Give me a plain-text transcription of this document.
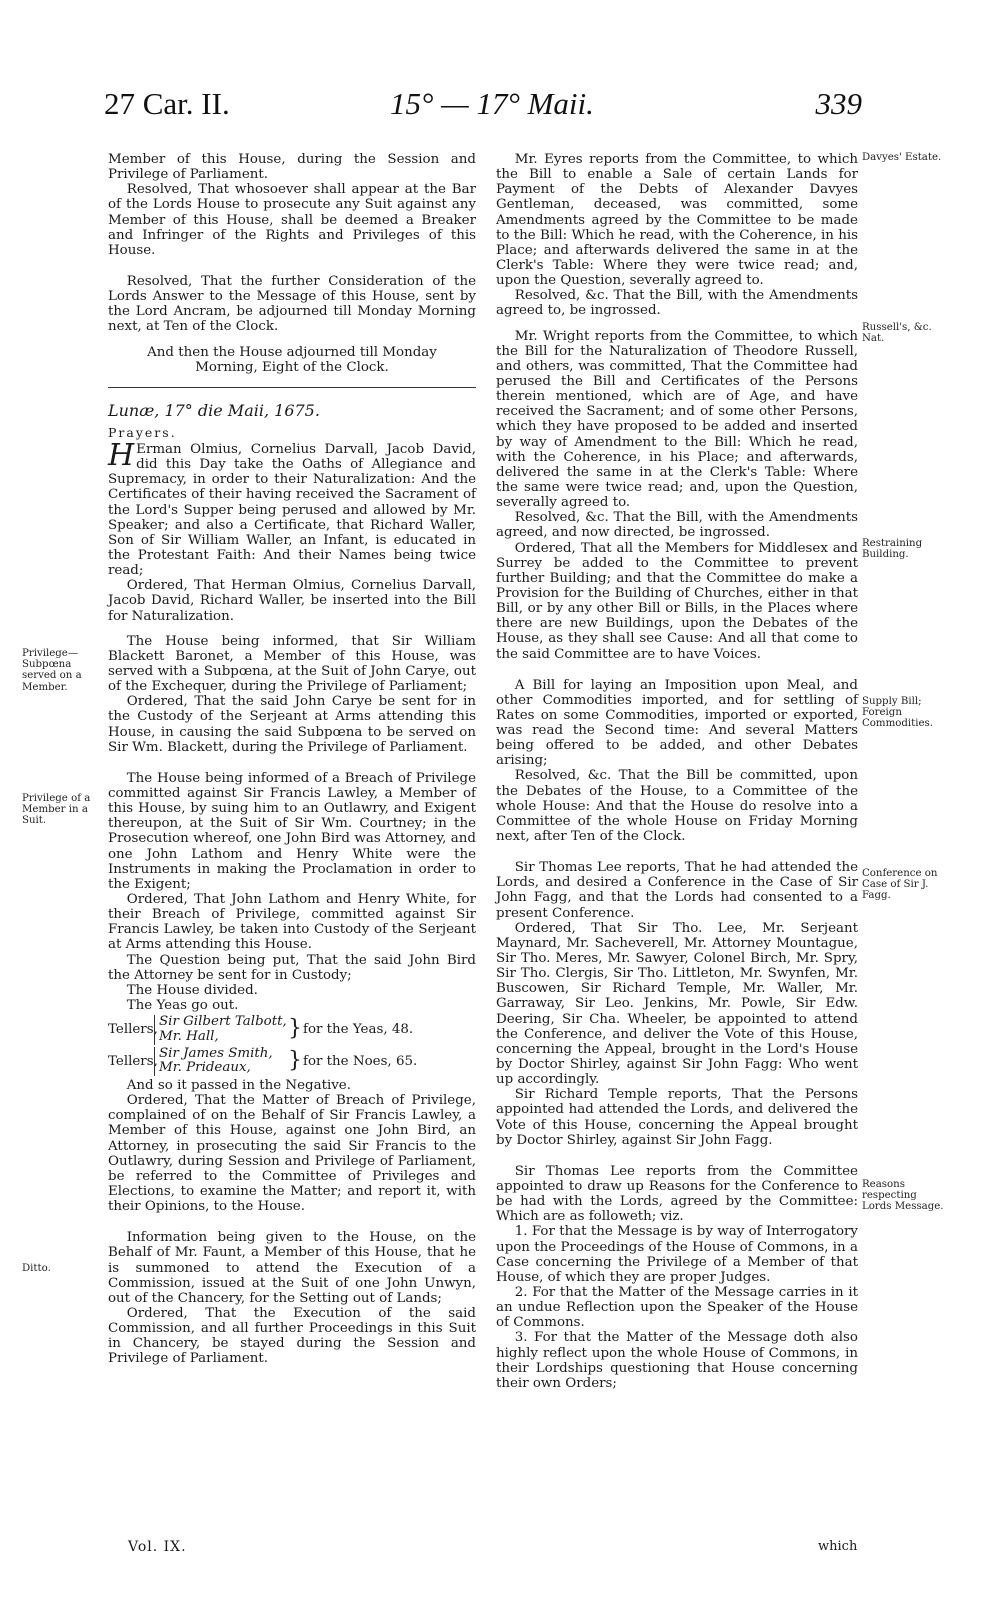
27 Car. II.	15° — 17° Maii.	339

Member of this House, during the Session and Privilege of Parliament.

Resolved, That whosoever shall appear at the Bar of the Lords House to prosecute any Suit against any Member of this House, shall be deemed a Breaker and Infringer of the Rights and Privileges of this House.

Resolved, That the further Consideration of the Lords Answer to the Message of this House, sent by the Lord Ancram, be adjourned till Monday Morning next, at Ten of the Clock.

And then the House adjourned till Monday Morning, Eight of the Clock.

Lunæ, 17° die Maii, 1675.

Prayers.

H Erman Olmius, Cornelius Darvall, Jacob David, did this Day take the Oaths of Allegiance and Supremacy, in order to their Naturalization: And the Certificates of their having received the Sacrament of the Lord's Supper being perused and allowed by Mr. Speaker; and also a Certificate, that Richard Waller, Son of Sir William Waller, an Infant, is educated in the Protestant Faith: And their Names being twice read;

Ordered, That Herman Olmius, Cornelius Darvall, Jacob David, Richard Waller, be inserted into the Bill for Naturalization.

The House being informed, that Sir William Blackett Baronet, a Member of this House, was served with a Subpœna, at the Suit of John Carye, out of the Exchequer, during the Privilege of Parliament;

Ordered, That the said John Carye be sent for in the Custody of the Serjeant at Arms attending this House, in causing the said Subpœna to be served on Sir Wm. Blackett, during the Privilege of Parliament.

The House being informed of a Breach of Privilege committed against Sir Francis Lawley, a Member of this House, by suing him to an Outlawry, and Exigent thereupon, at the Suit of Sir Wm. Courtney; in the Prosecution whereof, one John Bird was Attorney, and one John Lathom and Henry White were the Instruments in making the Proclamation in order to the Exigent;

Ordered, That John Lathom and Henry White, for their Breach of Privilege, committed against Sir Francis Lawley, be taken into Custody of the Serjeant at Arms attending this House.

The Question being put, That the said John Bird the Attorney be sent for in Custody;

The House divided.

The Yeas go out.

Tellers,
Sir Gilbert Talbott,
Mr. Hall,	} for the Yeas, 48.
Tellers,
Sir James Smith,
Mr. Prideaux,	} for the Noes, 65.

And so it passed in the Negative.

Ordered, That the Matter of Breach of Privilege, complained of on the Behalf of Sir Francis Lawley, a Member of this House, against one John Bird, an Attorney, in prosecuting the said Sir Francis to the Outlawry, during Session and Privilege of Parliament, be referred to the Committee of Privileges and Elections, to examine the Matter; and report it, with their Opinions, to the House.

Information being given to the House, on the Behalf of Mr. Faunt, a Member of this House, that he is summoned to attend the Execution of a Commission, issued at the Suit of one John Unwyn, out of the Chancery, for the Setting out of Lands;

Ordered, That the Execution of the said Commission, and all further Proceedings in this Suit in Chancery, be stayed during the Session and Privilege of Parliament.

Mr. Eyres reports from the Committee, to which the Bill to enable a Sale of certain Lands for Payment of the Debts of Alexander Davyes Gentleman, deceased, was committed, some Amendments agreed by the Committee to be made to the Bill: Which he read, with the Coherence, in his Place; and afterwards delivered the same in at the Clerk's Table: Where they were twice read; and, upon the Question, severally agreed to.

Resolved, &c. That the Bill, with the Amendments agreed to, be ingrossed.

Mr. Wright reports from the Committee, to which the Bill for the Naturalization of Theodore Russell, and others, was committed, That the Committee had perused the Bill and Certificates of the Persons therein mentioned, which are of Age, and have received the Sacrament; and of some other Persons, which they have proposed to be added and inserted by way of Amendment to the Bill: Which he read, with the Coherence, in his Place; and afterwards, delivered the same in at the Clerk's Table: Where the same were twice read; and, upon the Question, severally agreed to.

Resolved, &c. That the Bill, with the Amendments agreed, and now directed, be ingrossed.

Ordered, That all the Members for Middlesex and Surrey be added to the Committee to prevent further Building; and that the Committee do make a Provision for the Building of Churches, either in that Bill, or by any other Bill or Bills, in the Places where there are new Buildings, upon the Debates of the House, as they shall see Cause: And all that come to the said Committee are to have Voices.

A Bill for laying an Imposition upon Meal, and other Commodities imported, and for settling of Rates on some Commodities, imported or exported, was read the Second time: And several Matters being offered to be added, and other Debates arising;

Resolved, &c. That the Bill be committed, upon the Debates of the House, to a Committee of the whole House: And that the House do resolve into a Committee of the whole House on Friday Morning next, after Ten of the Clock.

Sir Thomas Lee reports, That he had attended the Lords, and desired a Conference in the Case of Sir John Fagg, and that the Lords had consented to a present Conference.

Ordered, That Sir Tho. Lee, Mr. Serjeant Maynard, Mr. Sacheverell, Mr. Attorney Mountague, Sir Tho. Meres, Mr. Sawyer, Colonel Birch, Mr. Spry, Sir Tho. Clergis, Sir Tho. Littleton, Mr. Swynfen, Mr. Buscowen, Sir Richard Temple, Mr. Waller, Mr. Garraway, Sir Leo. Jenkins, Mr. Powle, Sir Edw. Deering, Sir Cha. Wheeler, be appointed to attend the Conference, and deliver the Vote of this House, concerning the Appeal, brought in the Lord's House by Doctor Shirley, against Sir John Fagg: Who went up accordingly.

Sir Richard Temple reports, That the Persons appointed had attended the Lords, and delivered the Vote of this House, concerning the Appeal brought by Doctor Shirley, against Sir John Fagg.

Sir Thomas Lee reports from the Committee appointed to draw up Reasons for the Conference to be had with the Lords, agreed by the Committee: Which are as followeth; viz.

1. For that the Message is by way of Interrogatory upon the Proceedings of the House of Commons, in a Case concerning the Privilege of a Member of that House, of which they are proper Judges.

2. For that the Matter of the Message carries in it an undue Reflection upon the Speaker of the House of Commons.

3. For that the Matter of the Message doth also highly reflect upon the whole House of Commons, in their Lordships questioning that House concerning their own Orders;

Privilege— Subpœna served on a Member.
Privilege of a Member in a Suit.
Ditto.
Davyes' Estate.
Russell's, &c. Nat.
Restraining Building.
Supply Bill; Foreign Commodities.
Conference on Case of Sir J. Fagg.
Reasons respecting Lords Message.
Vol. IX.	which
